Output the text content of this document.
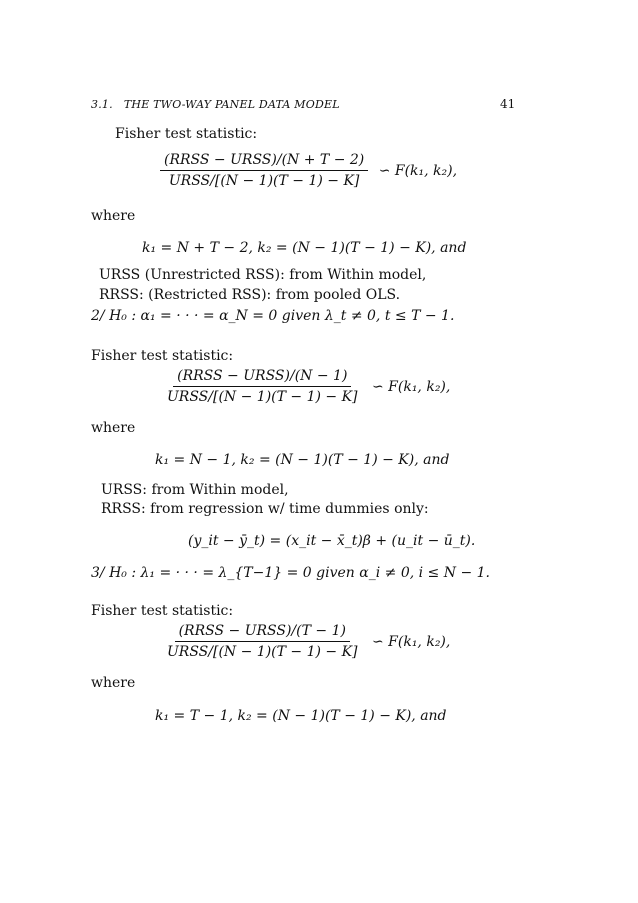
3.1. THE TWO-WAY PANEL DATA MODEL	41
Fisher test statistic:
$\frac{\text{(RRSS − URSS)/(N + T − 2)}}{\text{URSS/[(N − 1)(T − 1) − K]}}$ ∽ F(k₁, k₂),
where
k₁ = N + T − 2, k₂ = (N − 1)(T − 1) − K), and
URSS (Unrestricted RSS): from Within model,
RRSS: (Restricted RSS): from pooled OLS.
2/ H₀ : α₁ = · · · = α_N = 0 given λ_t ≠ 0, t ≤ T − 1.
Fisher test statistic:
$\frac{\text{(RRSS − URSS)/(N − 1)}}{\text{URSS/[(N − 1)(T − 1) − K]}}$ ∽ F(k₁, k₂),
where
k₁ = N − 1, k₂ = (N − 1)(T − 1) − K), and
URSS: from Within model,
RRSS: from regression w/ time dummies only:
(y_it − ȳ_t) = (x_it − x̄_t)β + (u_it − ū_t).
3/ H₀ : λ₁ = · · · = λ_{T−1} = 0 given α_i ≠ 0, i ≤ N − 1.
Fisher test statistic:
$\frac{\text{(RRSS − URSS)/(T − 1)}}{\text{URSS/[(N − 1)(T − 1) − K]}}$ ∽ F(k₁, k₂),
where
k₁ = T − 1, k₂ = (N − 1)(T − 1) − K), and
